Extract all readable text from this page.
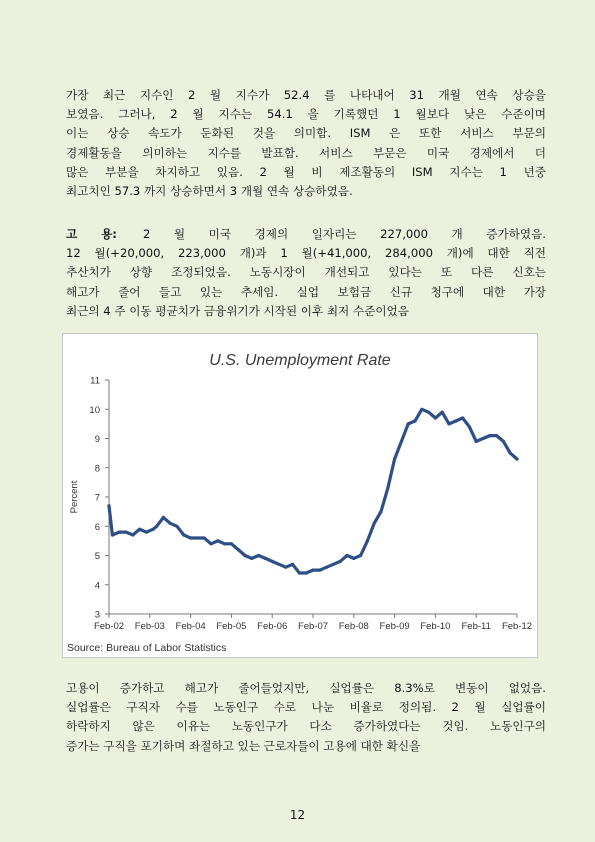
가장 최근 지수인 2 월 지수가 52.4 를 나타내어 31 개월 연속 상승을

보였음. 그러나, 2 월 지수는 54.1 을 기록했던 1 월보다 낮은 수준이며

이는 상승 속도가 둔화된 것을 의미함. ISM 은 또한 서비스 부문의

경제활동을 의미하는 지수를 발표함. 서비스 부문은 미국 경제에서 더

많은 부분을 차지하고 있음. 2 월 비 제조활동의 ISM 지수는 1 년중

최고치인 57.3 까지 상승하면서 3 개월 연속 상승하였음.

고 용: 2 월 미국 경제의 일자리는 227,000 개 증가하였음.

12 월(+20,000, 223,000 개)과 1 월(+41,000, 284,000 개)에 대한 직전

추산치가 상향 조정되었음. 노동시장이 개선되고 있다는 또 다른 신호는

해고가 줄어 들고 있는 추세임. 실업 보험금 신규 청구에 대한 가장

최근의 4 주 이동 평균치가 금융위기가 시작된 이후 최저 수준이었음

U.S. Unemployment Rate
3
4
5
6
7
8
9
10
11
Percent
Feb-02 Feb-03 Feb-04 Feb-05 Feb-06 Feb-07 Feb-08 Feb-09 Feb-10 Feb-11 Feb-12
Source: Bureau of Labor Statistics

고용이 증가하고 해고가 줄어들었지만, 실업률은 8.3%로 변동이 없었음.

실업률은 구직자 수를 노동인구 수로 나눈 비율로 정의됨. 2 월 실업률이

하락하지 않은 이유는 노동인구가 다소 증가하였다는 것임. 노동인구의

증가는 구직을 포기하며 좌절하고 있는 근로자들이 고용에 대한 확신을

12
